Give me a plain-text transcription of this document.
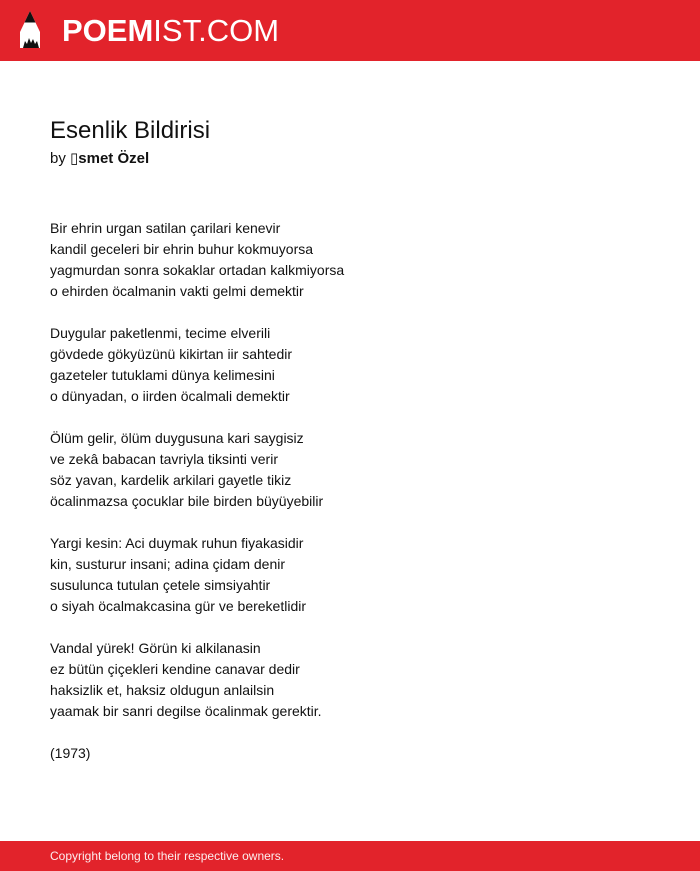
POEMIST.COM
Esenlik Bildirisi
by ▯smet Özel
Bir ehrin urgan satilan çarilari kenevir
kandil geceleri bir ehrin buhur kokmuyorsa
yagmurdan sonra sokaklar ortadan kalkmiyorsa
o ehirden öcalmanin vakti gelmi demektir
Duygular paketlenmi, tecime elverili
gövdede gökyüzünü kikirtan iir sahtedir
gazeteler tutuklami dünya kelimesini
o dünyadan, o iirden öcalmali demektir
Ölüm gelir, ölüm duygusuna kari saygisiz
ve zekâ babacan tavriyla tiksinti verir
söz yavan, kardelik arkilari gayetle tikiz
öcalinmazsa çocuklar bile birden büyüyebilir
Yargi kesin: Aci duymak ruhun fiyakasidir
kin, susturur insani; adina çidam denir
susulunca tutulan çetele simsiyahtir
o siyah öcalmakcasina gür ve bereketlidir
Vandal yürek! Görün ki alkilanasin
ez bütün çiçekleri kendine canavar dedir
haksizlik et, haksiz oldugun anlailsin
yaamak bir sanri degilse öcalinmak gerektir.
(1973)
Copyright belong to their respective owners.
